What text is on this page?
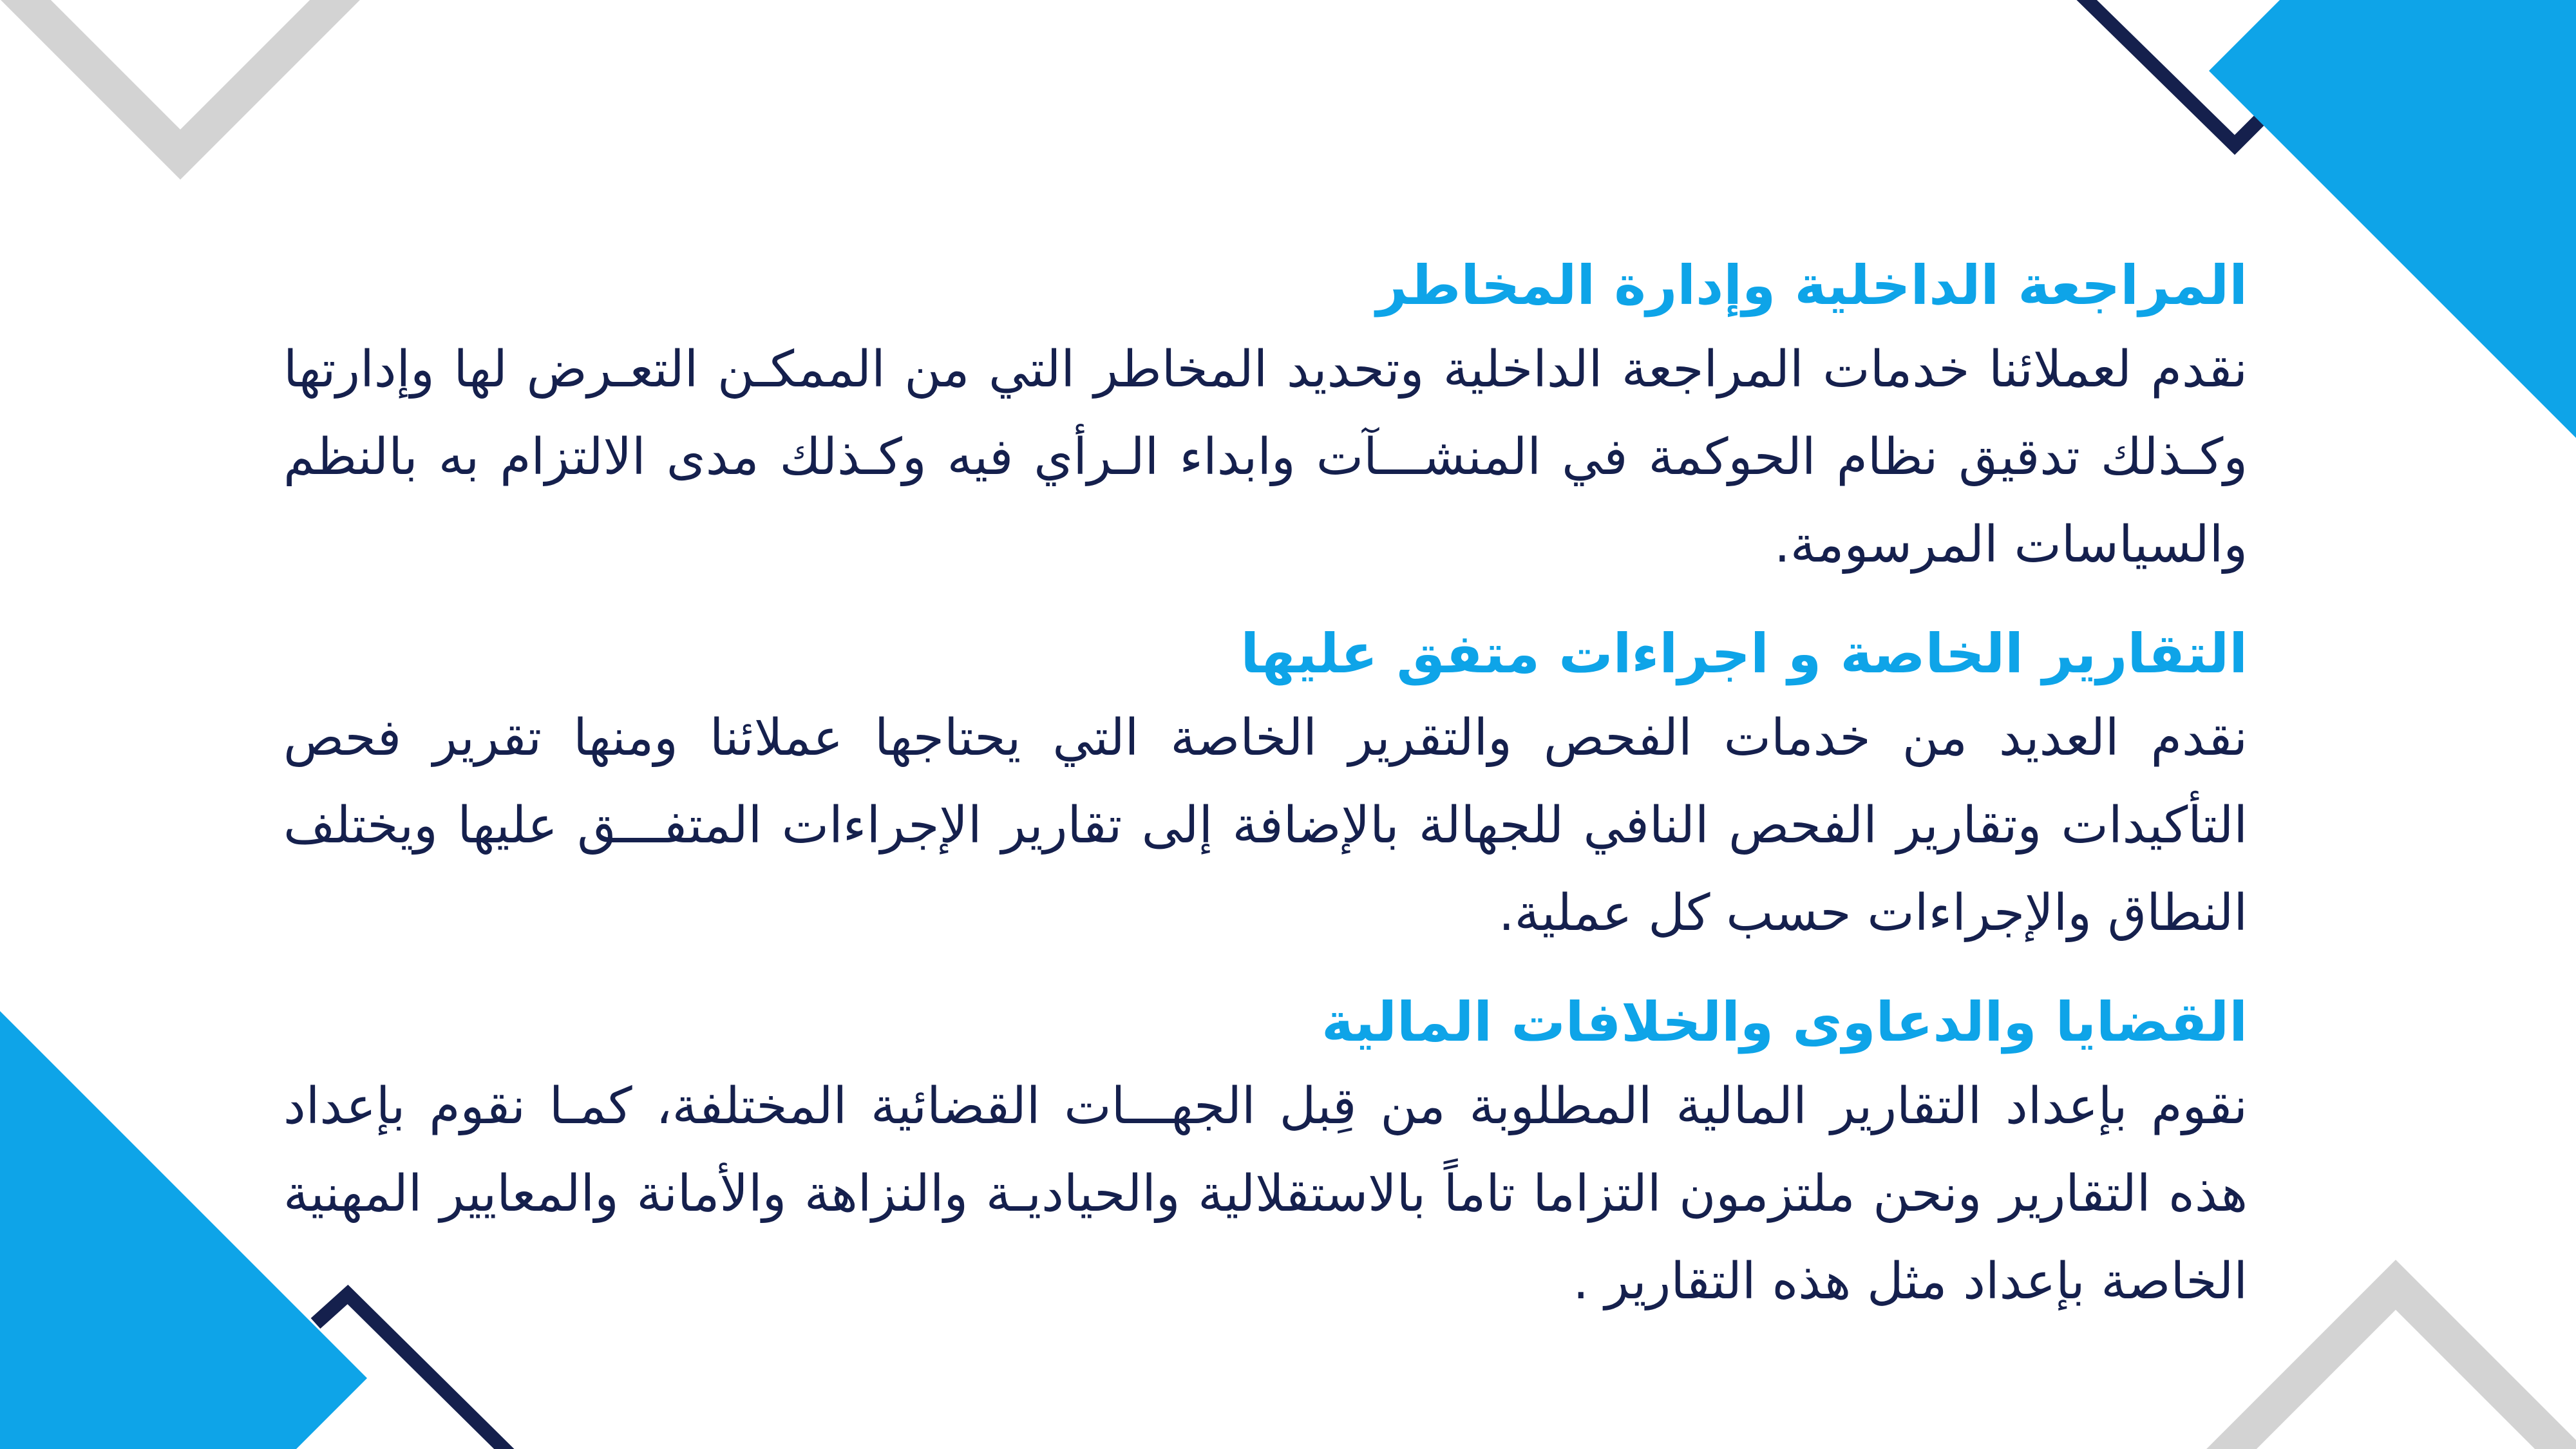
المراجعة الداخلية وإدارة المخاطر

نقدم لعملائنا خدمات المراجعة الداخلية وتحديد المخاطر التي من الممكـن التعـرض لها وإدارتها وكـذلك تدقيق نظام الحوكمة في المنشـــآت وابداء الـرأي فيه وكـذلك مدى الالتزام به بالنظم والسياسات المرسومة.

التقارير الخاصة و اجراءات متفق عليها

نقدم العديد من خدمات الفحص والتقرير الخاصة التي يحتاجها عملائنا ومنها تقرير فحص التأكيدات وتقارير الفحص النافي للجهالة بالإضافة إلى تقارير الإجراءات المتفـــق عليها ويختلف النطاق والإجراءات حسب كل عملية.

القضايا والدعاوى والخلافات المالية

نقوم بإعداد التقارير المالية المطلوبة من قِبل الجهـــات القضائية المختلفة، كمـا نقوم بإعداد هذه التقارير ونحن ملتزمون التزاما تاماً بالاستقلالية والحياديـة والنزاهة والأمانة والمعايير المهنية الخاصة بإعداد مثل هذه التقارير .
